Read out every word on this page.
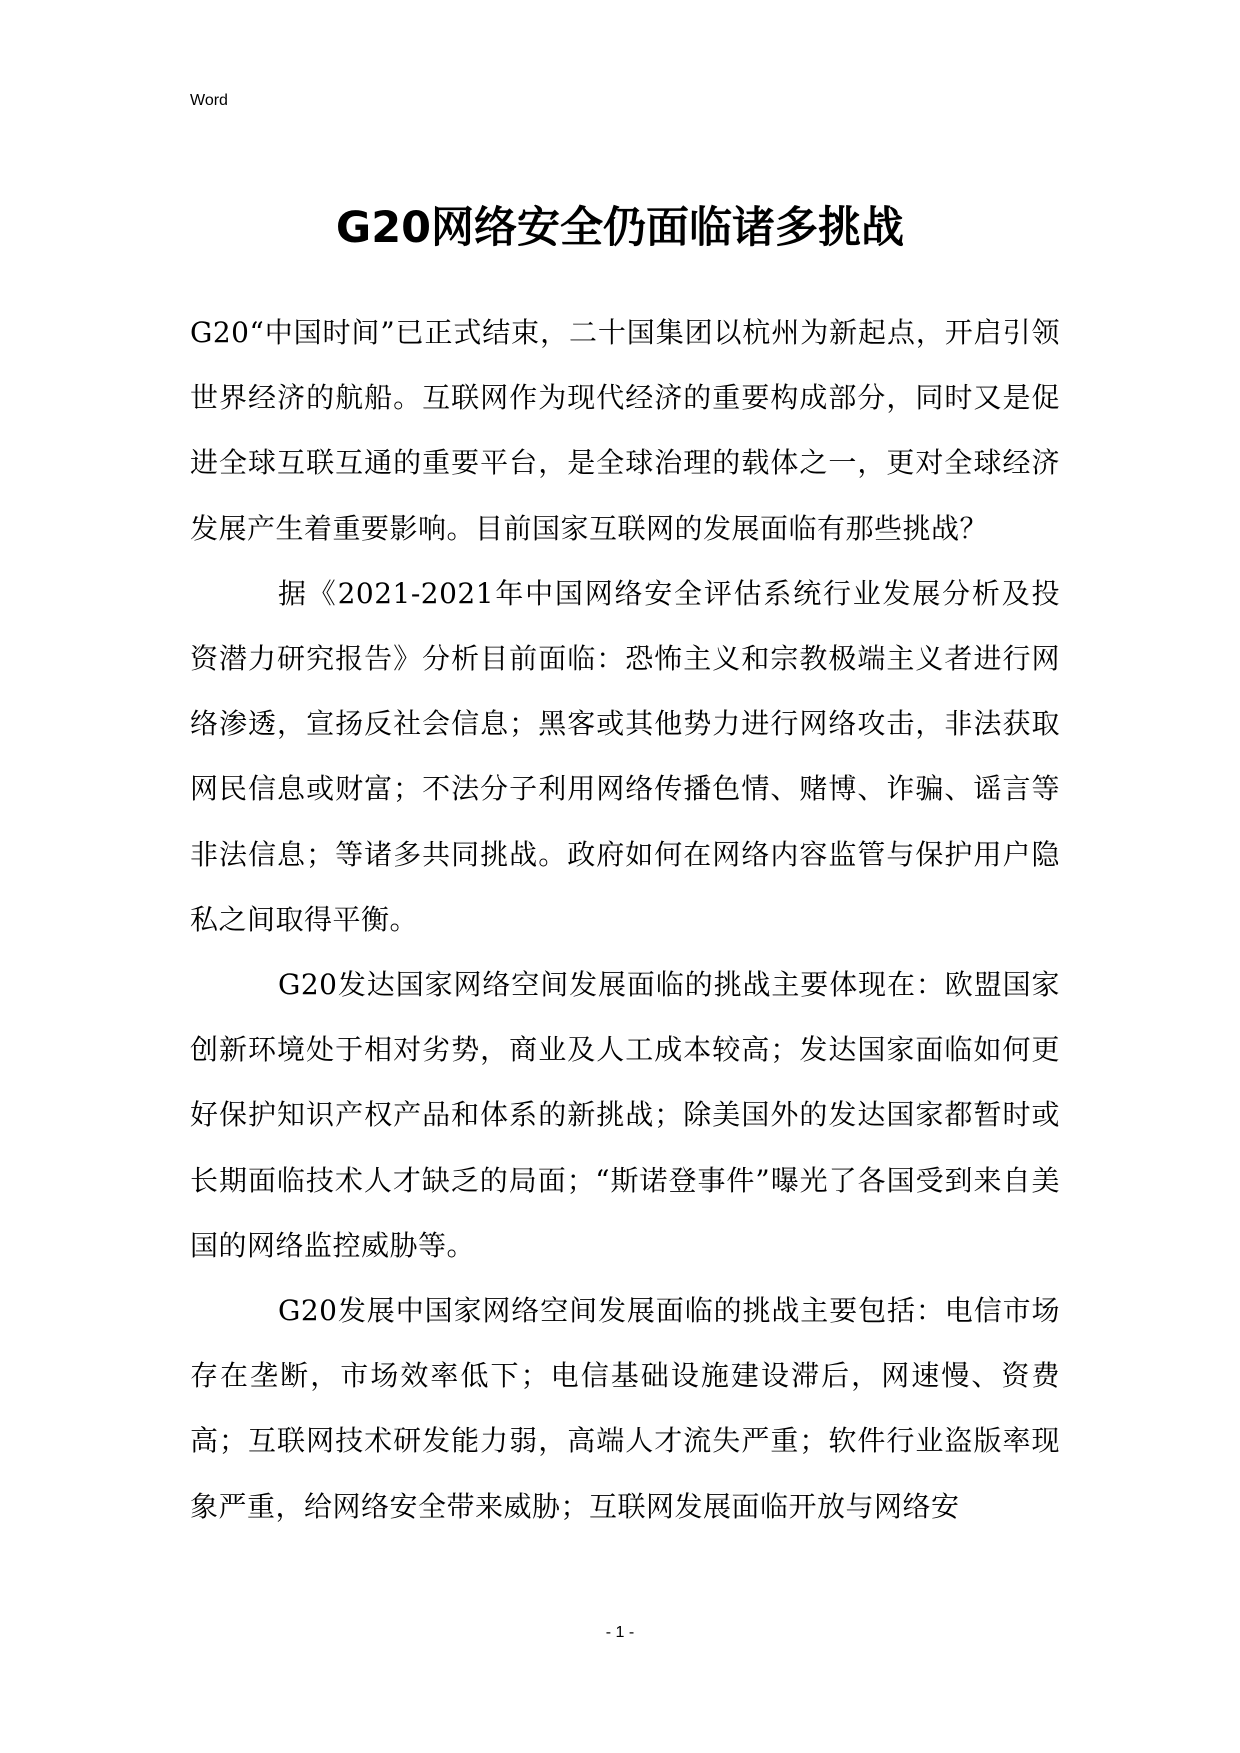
Word
G20网络安全仍面临诸多挑战

G20“中国时间”已正式结束，二十国集团以杭州为新起点，开启引领世界经济的航船。互联网作为现代经济的重要构成部分，同时又是促进全球互联互通的重要平台，是全球治理的载体之一，更对全球经济发展产生着重要影响。目前国家互联网的发展面临有那些挑战？

据《2021-2021年中国网络安全评估系统行业发展分析及投资潜力研究报告》分析目前面临：恐怖主义和宗教极端主义者进行网络渗透，宣扬反社会信息；黑客或其他势力进行网络攻击，非法获取网民信息或财富；不法分子利用网络传播色情、赌博、诈骗、谣言等非法信息；等诸多共同挑战。政府如何在网络内容监管与保护用户隐私之间取得平衡。

G20发达国家网络空间发展面临的挑战主要体现在：欧盟国家创新环境处于相对劣势，商业及人工成本较高；发达国家面临如何更好保护知识产权产品和体系的新挑战；除美国外的发达国家都暂时或长期面临技术人才缺乏的局面；“斯诺登事件”曝光了各国受到来自美国的网络监控威胁等。

G20发展中国家网络空间发展面临的挑战主要包括：电信市场存在垄断，市场效率低下；电信基础设施建设滞后，网速慢、资费高；互联网技术研发能力弱，高端人才流失严重；软件行业盗版率现象严重，给网络安全带来威胁；互联网发展面临开放与网络安

- 1 -
